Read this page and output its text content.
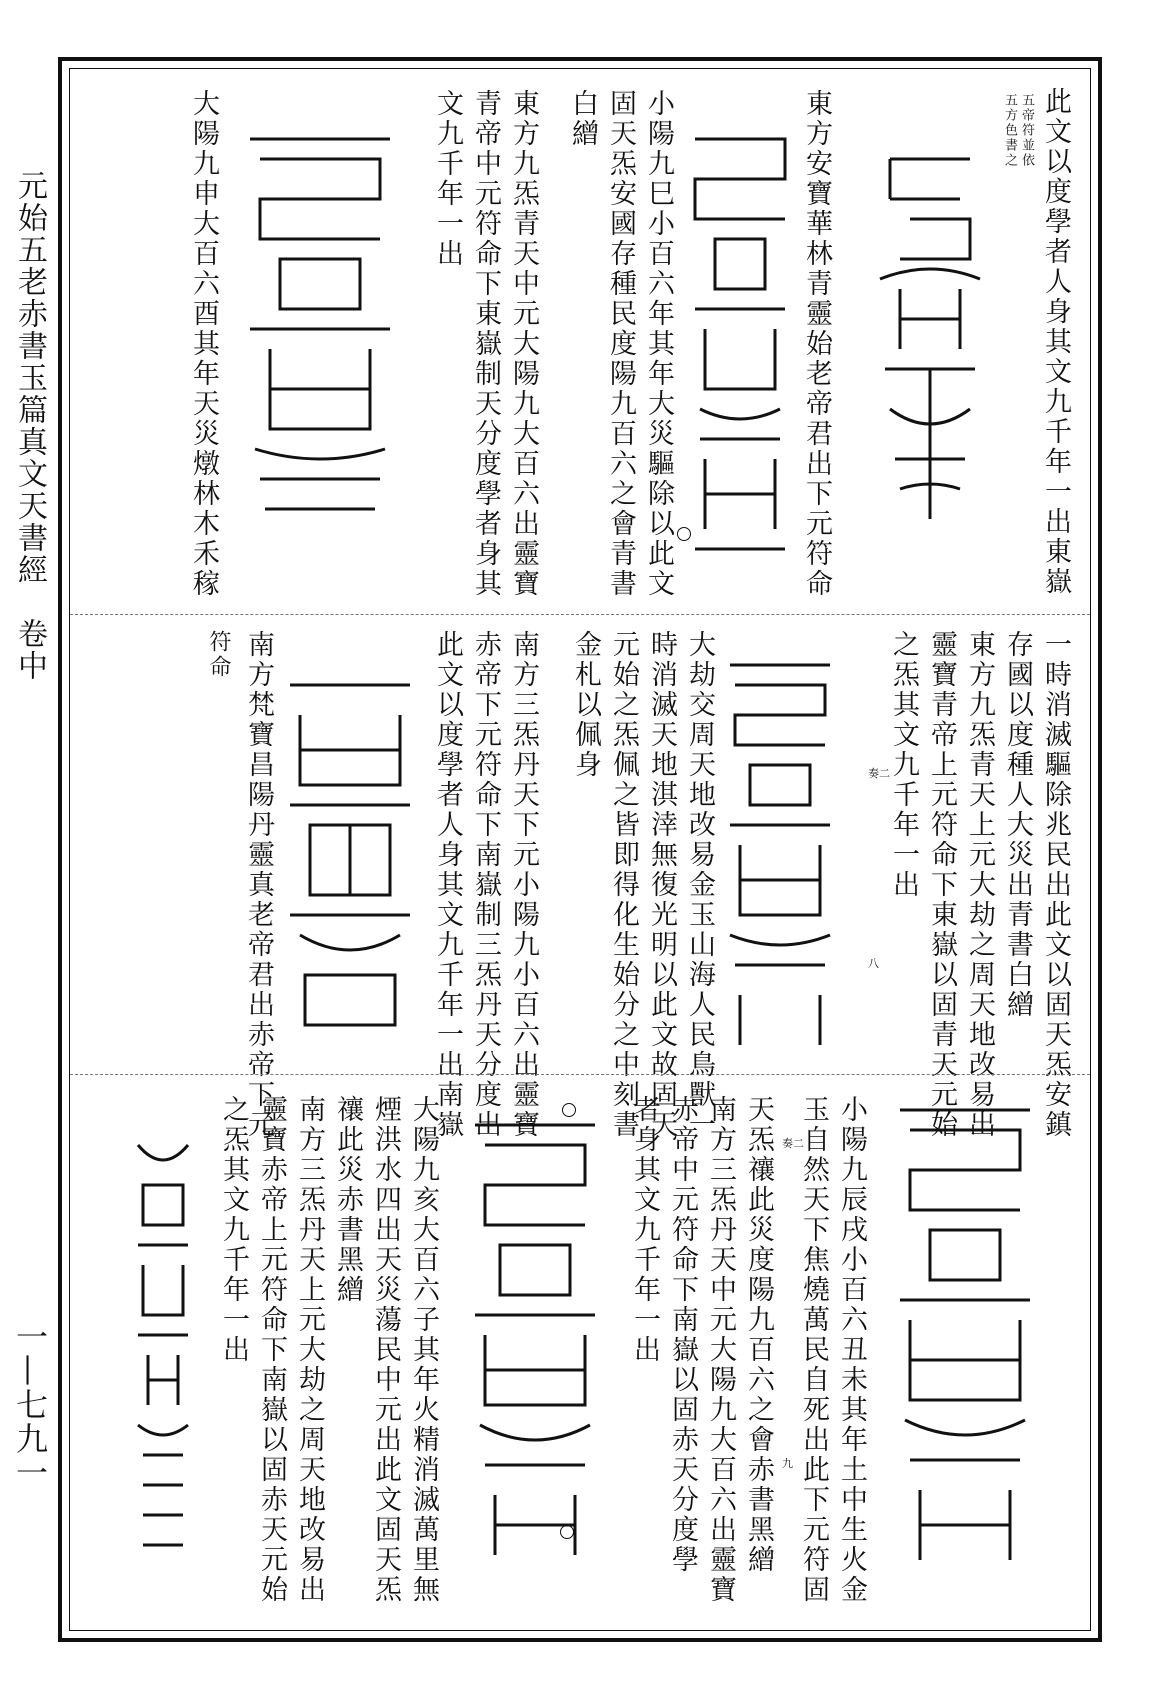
元始五老赤書玉篇真文天書經　卷中
一—七九一
此文以度學者人身其文九千年一出東嶽
五帝符並依
五方色書之
東方安寶華林青靈始老帝君出下元符命
小陽九巳小百六年其年大災驅除以此文
固天炁安國存種民度陽九百六之會青書
白繒
東方九炁青天中元大陽九大百六出靈寶
青帝中元符命下東嶽制天分度學者身其
文九千年一出
大陽九申大百六酉其年天災燉林木禾稼
一時消滅驅除兆民出此文以固天炁安鎮
存國以度種人大災出青書白繒
東方九炁青天上元大劫之周天地改易出
靈寶青帝上元符命下東嶽以固青天元始
之炁其文九千年一出
奏二
八
大劫交周天地改易金玉山海人民鳥獸一
時消滅天地淇涬無復光明以此文故固天
元始之炁佩之皆即得化生始分之中刻書
金札以佩身
南方三炁丹天下元小陽九小百六出靈寶
赤帝下元符命下南嶽制三炁丹天分度出
此文以度學者人身其文九千年一出南嶽
南方梵寶昌陽丹靈真老帝君出赤帝下元
符命
小陽九辰戌小百六丑未其年土中生火金
玉自然天下焦燒萬民自死出此下元符固
奏二
九
天炁禳此災度陽九百六之會赤書黑繒
南方三炁丹天中元大陽九大百六出靈寶
赤帝中元符命下南嶽以固赤天分度學
者身其文九千年一出
大陽九亥大百六子其年火精消滅萬里無
煙洪水四出天災蕩民中元出此文固天炁
禳此災赤書黑繒
南方三炁丹天上元大劫之周天地改易出
靈寶赤帝上元符命下南嶽以固赤天元始
之炁其文九千年一出
